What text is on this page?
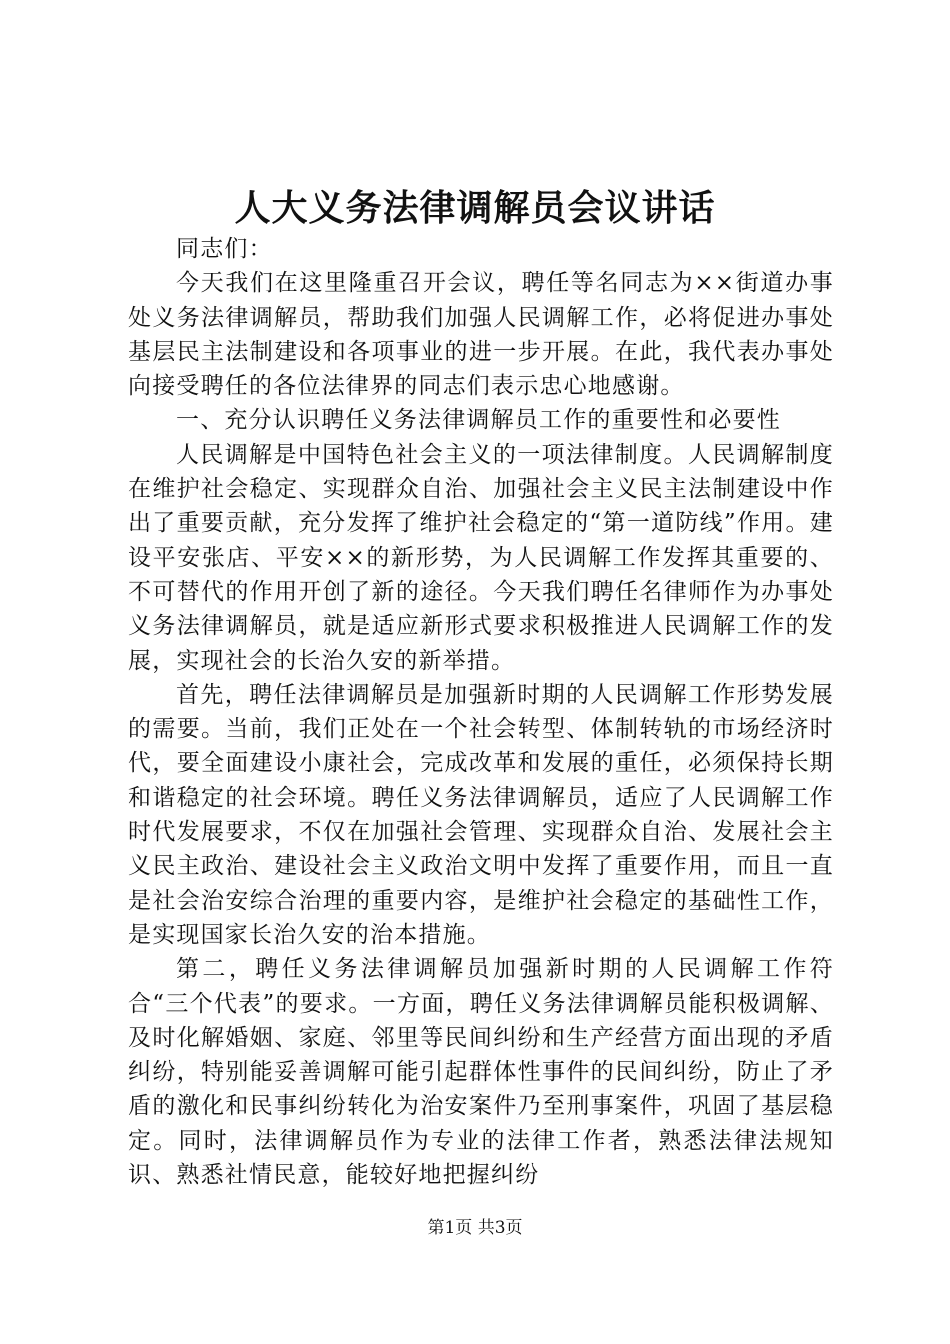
人大义务法律调解员会议讲话

同志们：

今天我们在这里隆重召开会议，聘任等名同志为××街道办事处义务法律调解员，帮助我们加强人民调解工作，必将促进办事处基层民主法制建设和各项事业的进一步开展。在此，我代表办事处向接受聘任的各位法律界的同志们表示忠心地感谢。

一、充分认识聘任义务法律调解员工作的重要性和必要性

人民调解是中国特色社会主义的一项法律制度。人民调解制度在维护社会稳定、实现群众自治、加强社会主义民主法制建设中作出了重要贡献，充分发挥了维护社会稳定的“第一道防线”作用。建设平安张店、平安××的新形势，为人民调解工作发挥其重要的、不可替代的作用开创了新的途径。今天我们聘任名律师作为办事处义务法律调解员，就是适应新形式要求积极推进人民调解工作的发展，实现社会的长治久安的新举措。

首先，聘任法律调解员是加强新时期的人民调解工作形势发展的需要。当前，我们正处在一个社会转型、体制转轨的市场经济时代，要全面建设小康社会，完成改革和发展的重任，必须保持长期和谐稳定的社会环境。聘任义务法律调解员，适应了人民调解工作时代发展要求，不仅在加强社会管理、实现群众自治、发展社会主义民主政治、建设社会主义政治文明中发挥了重要作用，而且一直是社会治安综合治理的重要内容，是维护社会稳定的基础性工作，是实现国家长治久安的治本措施。

第二，聘任义务法律调解员加强新时期的人民调解工作符合“三个代表”的要求。一方面，聘任义务法律调解员能积极调解、及时化解婚姻、家庭、邻里等民间纠纷和生产经营方面出现的矛盾纠纷，特别能妥善调解可能引起群体性事件的民间纠纷，防止了矛盾的激化和民事纠纷转化为治安案件乃至刑事案件，巩固了基层稳定。同时，法律调解员作为专业的法律工作者，熟悉法律法规知识、熟悉社情民意，能较好地把握纠纷

第1页 共3页
